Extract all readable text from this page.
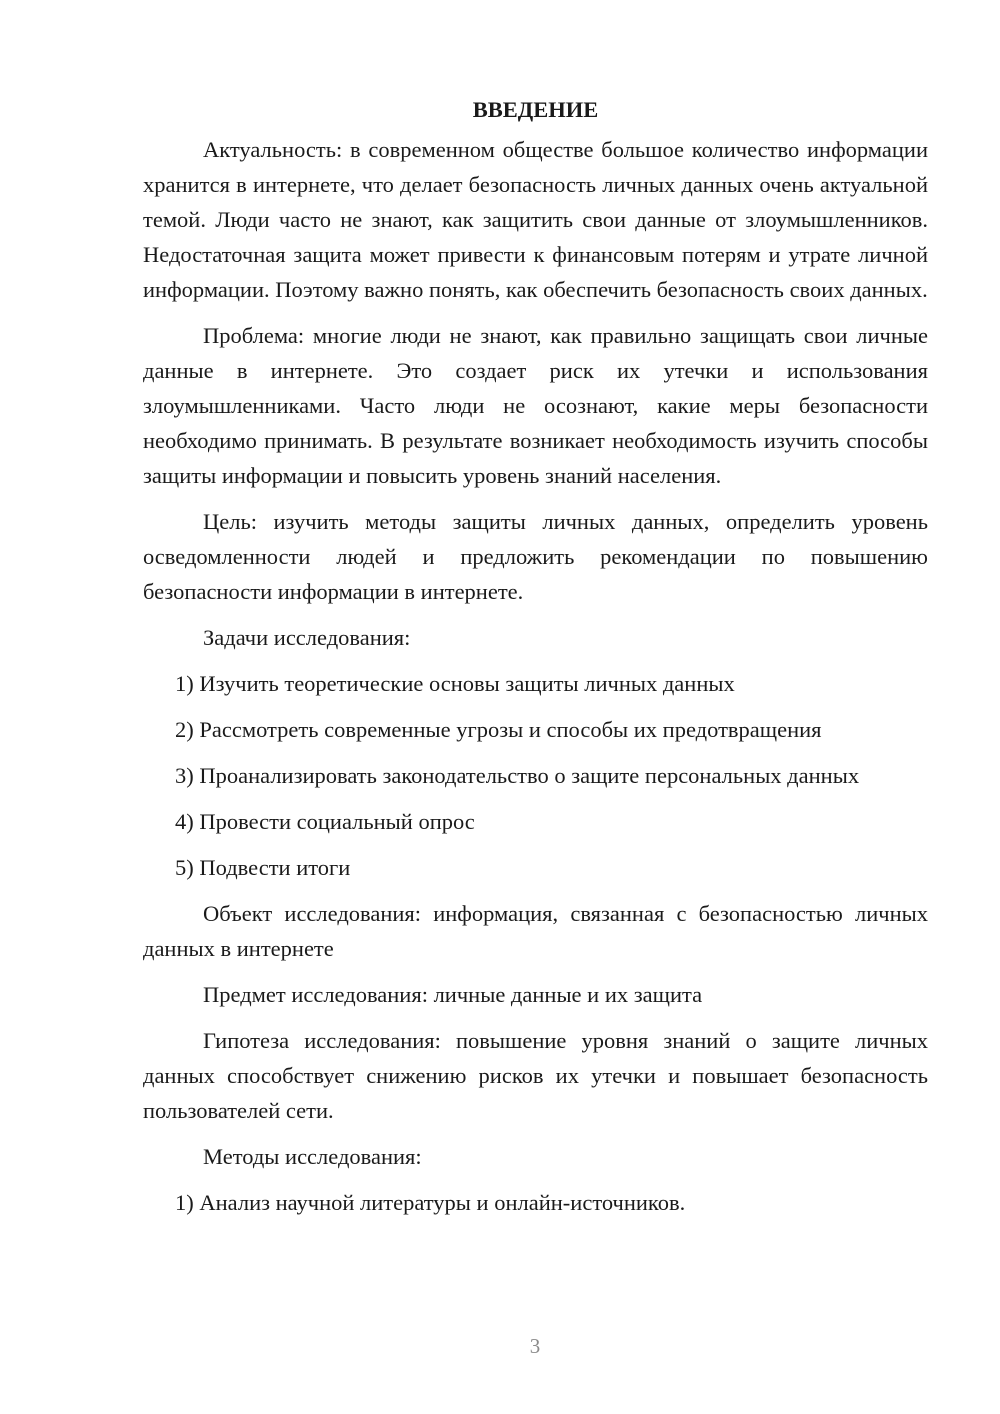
ВВЕДЕНИЕ

Актуальность: в современном обществе большое количество информации хранится в интернете, что делает безопасность личных данных очень актуальной темой. Люди часто не знают, как защитить свои данные от злоумышленников. Недостаточная защита может привести к финансовым потерям и утрате личной информации. Поэтому важно понять, как обеспечить безопасность своих данных.

Проблема: многие люди не знают, как правильно защищать свои личные данные в интернете. Это создает риск их утечки и использования злоумышленниками. Часто люди не осознают, какие меры безопасности необходимо принимать. В результате возникает необходимость изучить способы защиты информации и повысить уровень знаний населения.

Цель: изучить методы защиты личных данных, определить уровень осведомленности людей и предложить рекомендации по повышению безопасности информации в интернете.

Задачи исследования:

1) Изучить теоретические основы защиты личных данных

2) Рассмотреть современные угрозы и способы их предотвращения

3) Проанализировать законодательство о защите персональных данных

4) Провести социальный опрос

5) Подвести итоги

Объект исследования: информация, связанная с безопасностью личных данных в интернете

Предмет исследования: личные данные и их защита

Гипотеза исследования: повышение уровня знаний о защите личных данных способствует снижению рисков их утечки и повышает безопасность пользователей сети.

Методы исследования:

1) Анализ научной литературы и онлайн-источников.

3
